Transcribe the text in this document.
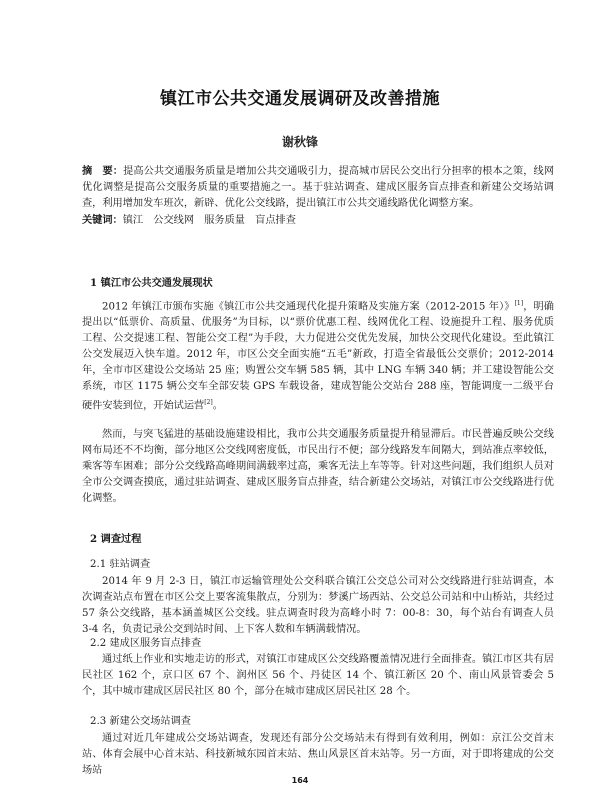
镇江市公共交通发展调研及改善措施
谢秋锋
摘　要：提高公共交通服务质量是增加公共交通吸引力，提高城市居民公交出行分担率的根本之策，线网优化调整是提高公交服务质量的重要措施之一。基于驻站调查、建成区服务盲点排查和新建公交场站调查，利用增加发车班次，新辟、优化公交线路，提出镇江市公共交通线路优化调整方案。
关键词：镇江　公交线网　服务质量　盲点排查
1 镇江市公共交通发展现状
2012 年镇江市颁布实施《镇江市公共交通现代化提升策略及实施方案（2012-2015 年）》[1]，明确提出以“低票价、高质量、优服务”为目标，以“票价优惠工程、线网优化工程、设施提升工程、服务优质工程、公交提速工程、智能公交工程”为手段，大力促进公交优先发展，加快公交现代化建设。至此镇江公交发展迈入快车道。2012 年，市区公交全面实施“五毛”新政，打造全省最低公交票价；2012-2014 年，全市市区建设公交场站 25 座；购置公交车辆 585 辆，其中 LNG 车辆 340 辆；并工建设智能公交系统，市区 1175 辆公交车全部安装 GPS 车载设备，建成智能公交站台 288 座，智能调度一二级平台硬件安装到位，开始试运营[2]。
然而，与突飞猛进的基础设施建设相比，我市公共交通服务质量提升稍显滞后。市民普遍反映公交线网布局还不不均衡，部分地区公交线网密度低，市民出行不便；部分线路发车间隔大，到站准点率较低，乘客等车困难；部分公交线路高峰期间满载率过高，乘客无法上车等等。针对这些问题，我们组织人员对全市公交调查摸底，通过驻站调查、建成区服务盲点排查，结合新建公交场站，对镇江市公交线路进行优化调整。
2 调查过程
2.1 驻站调查
2014 年 9 月 2-3 日，镇江市运输管理处公交科联合镇江公交总公司对公交线路进行驻站调查，本次调查站点布置在市区公交上要客流集散点，分别为：梦溪广场西站、公交总公司站和中山桥站，共经过 57 条公交线路，基本涵盖城区公交线。驻点调查时段为高峰小时 7：00-8：30，每个站台有调查人员 3-4 名，负责记录公交到站时间、上下客人数和车辆满载情况。
2.2 建成区服务盲点排查
通过纸上作业和实地走访的形式，对镇江市建成区公交线路覆盖情况进行全面排查。镇江市区共有居民社区 162 个，京口区 67 个、润州区 56 个、丹徒区 14 个、镇江新区 20 个、南山风景管委会 5 个，其中城市建成区居民社区 80 个，部分在城市建成区居民社区 28 个。
2.3 新建公交场站调查
通过对近几年建成公交场站调查，发现还有部分公交场站未有得到有效利用，例如：京江公交首末站、体育会展中心首末站、科技新城东园首末站、焦山风景区首末站等。另一方面，对于即将建成的公交场站
164
